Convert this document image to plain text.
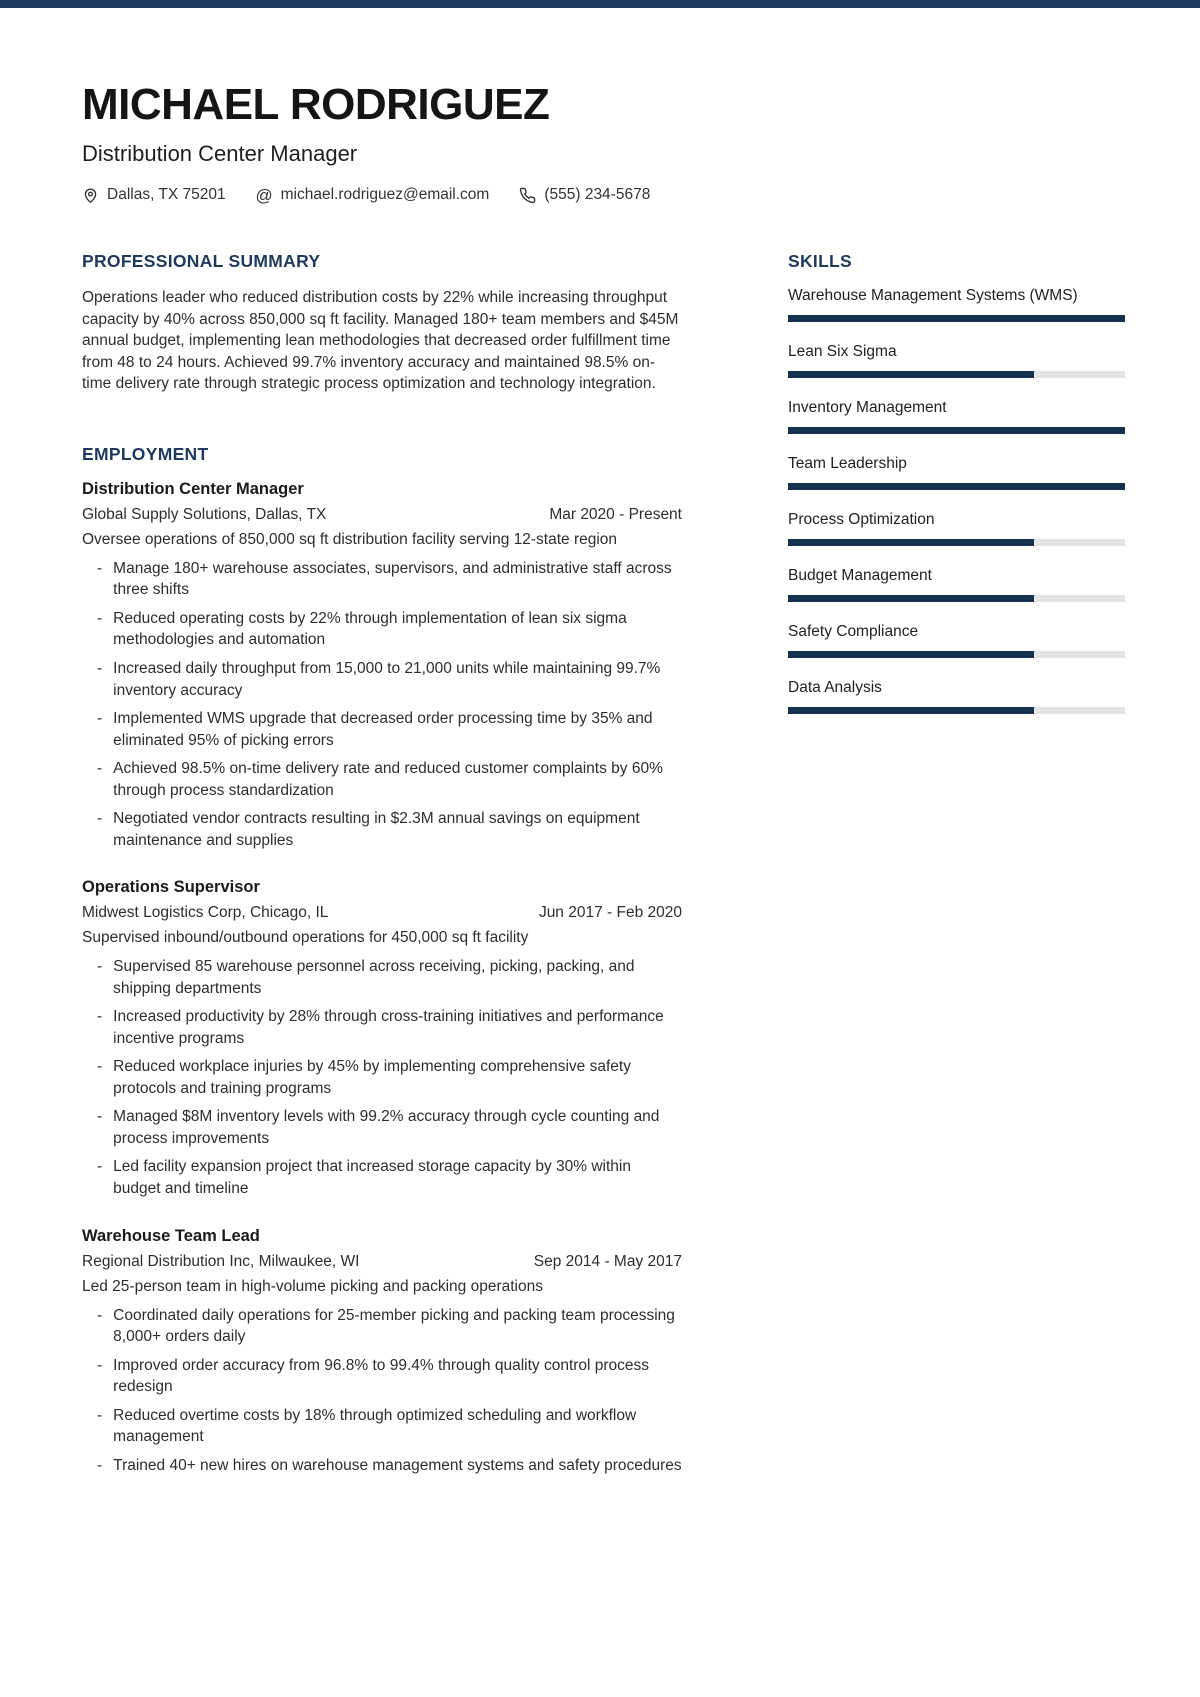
MICHAEL RODRIGUEZ
Distribution Center Manager
Dallas, TX 75201 @ michael.rodriguez@email.com	(555) 234-5678
PROFESSIONAL SUMMARY

Operations leader who reduced distribution costs by 22% while increasing throughput capacity by 40% across 850,000 sq ft facility. Managed 180+ team members and $45M annual budget, implementing lean methodologies that decreased order fulfillment time from 48 to 24 hours. Achieved 99.7% inventory accuracy and maintained 98.5% on-time delivery rate through strategic process optimization and technology integration.

EMPLOYMENT
Distribution Center Manager
Global Supply Solutions, Dallas, TX	Mar 2020 - Present
Oversee operations of 850,000 sq ft distribution facility serving 12-state region
- Manage 180+ warehouse associates, supervisors, and administrative staff across three shifts
- Reduced operating costs by 22% through implementation of lean six sigma methodologies and automation
- Increased daily throughput from 15,000 to 21,000 units while maintaining 99.7% inventory accuracy
- Implemented WMS upgrade that decreased order processing time by 35% and eliminated 95% of picking errors
- Achieved 98.5% on-time delivery rate and reduced customer complaints by 60% through process standardization
- Negotiated vendor contracts resulting in $2.3M annual savings on equipment maintenance and supplies
Operations Supervisor
Midwest Logistics Corp, Chicago, IL	Jun 2017 - Feb 2020
Supervised inbound/outbound operations for 450,000 sq ft facility
- Supervised 85 warehouse personnel across receiving, picking, packing, and shipping departments
- Increased productivity by 28% through cross-training initiatives and performance incentive programs
- Reduced workplace injuries by 45% by implementing comprehensive safety protocols and training programs
- Managed $8M inventory levels with 99.2% accuracy through cycle counting and process improvements
- Led facility expansion project that increased storage capacity by 30% within budget and timeline
Warehouse Team Lead
Regional Distribution Inc, Milwaukee, WI	Sep 2014 - May 2017
Led 25-person team in high-volume picking and packing operations
- Coordinated daily operations for 25-member picking and packing team processing 8,000+ orders daily
- Improved order accuracy from 96.8% to 99.4% through quality control process redesign
- Reduced overtime costs by 18% through optimized scheduling and workflow management
- Trained 40+ new hires on warehouse management systems and safety procedures
SKILLS
Warehouse Management Systems (WMS)
Lean Six Sigma
Inventory Management
Team Leadership
Process Optimization
Budget Management
Safety Compliance
Data Analysis
